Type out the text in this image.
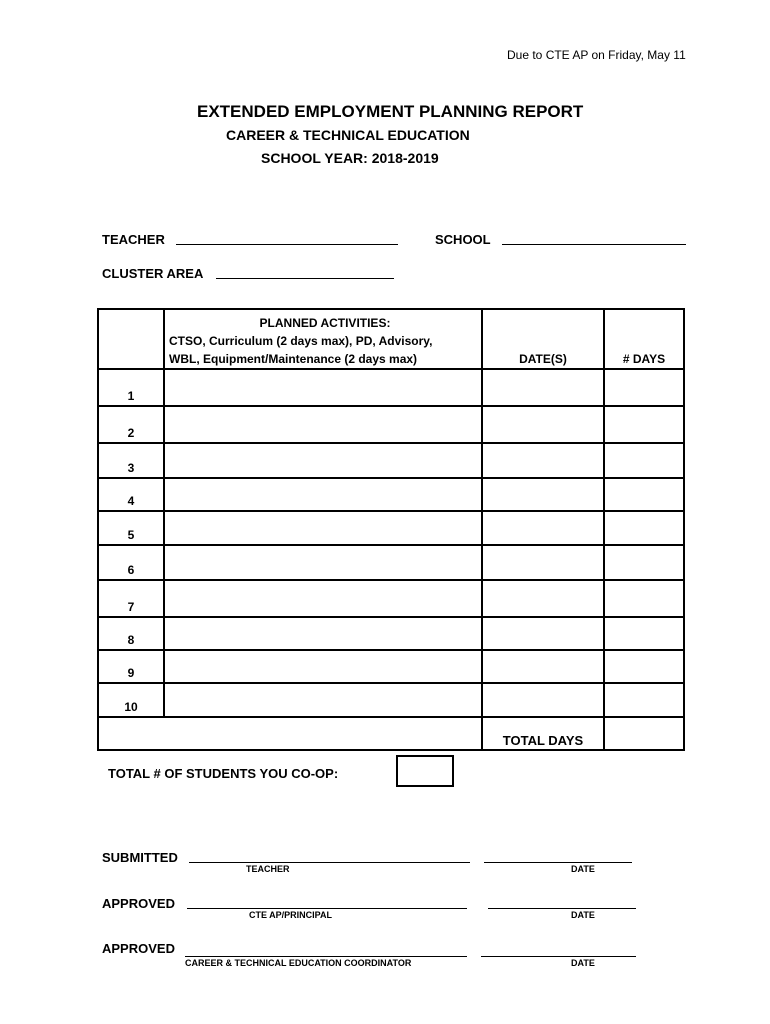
Due to CTE AP on Friday, May 11
EXTENDED EMPLOYMENT PLANNING REPORT
CAREER & TECHNICAL EDUCATION
SCHOOL YEAR: 2018-2019
TEACHER	SCHOOL
CLUSTER AREA

	PLANNED ACTIVITIES:
CTSO, Curriculum (2 days max), PD, Advisory,
WBL, Equipment/Maintenance (2 days max)	DATE(S)	# DAYS
1			
2			
3			
4			
5			
6			
7			
8			
9			
10			
		TOTAL DAYS	
TOTAL # OF STUDENTS YOU CO-OP:
SUBMITTED
TEACHER	DATE
APPROVED
CTE AP/PRINCIPAL	DATE
APPROVED
CAREER & TECHNICAL EDUCATION COORDINATOR	DATE
